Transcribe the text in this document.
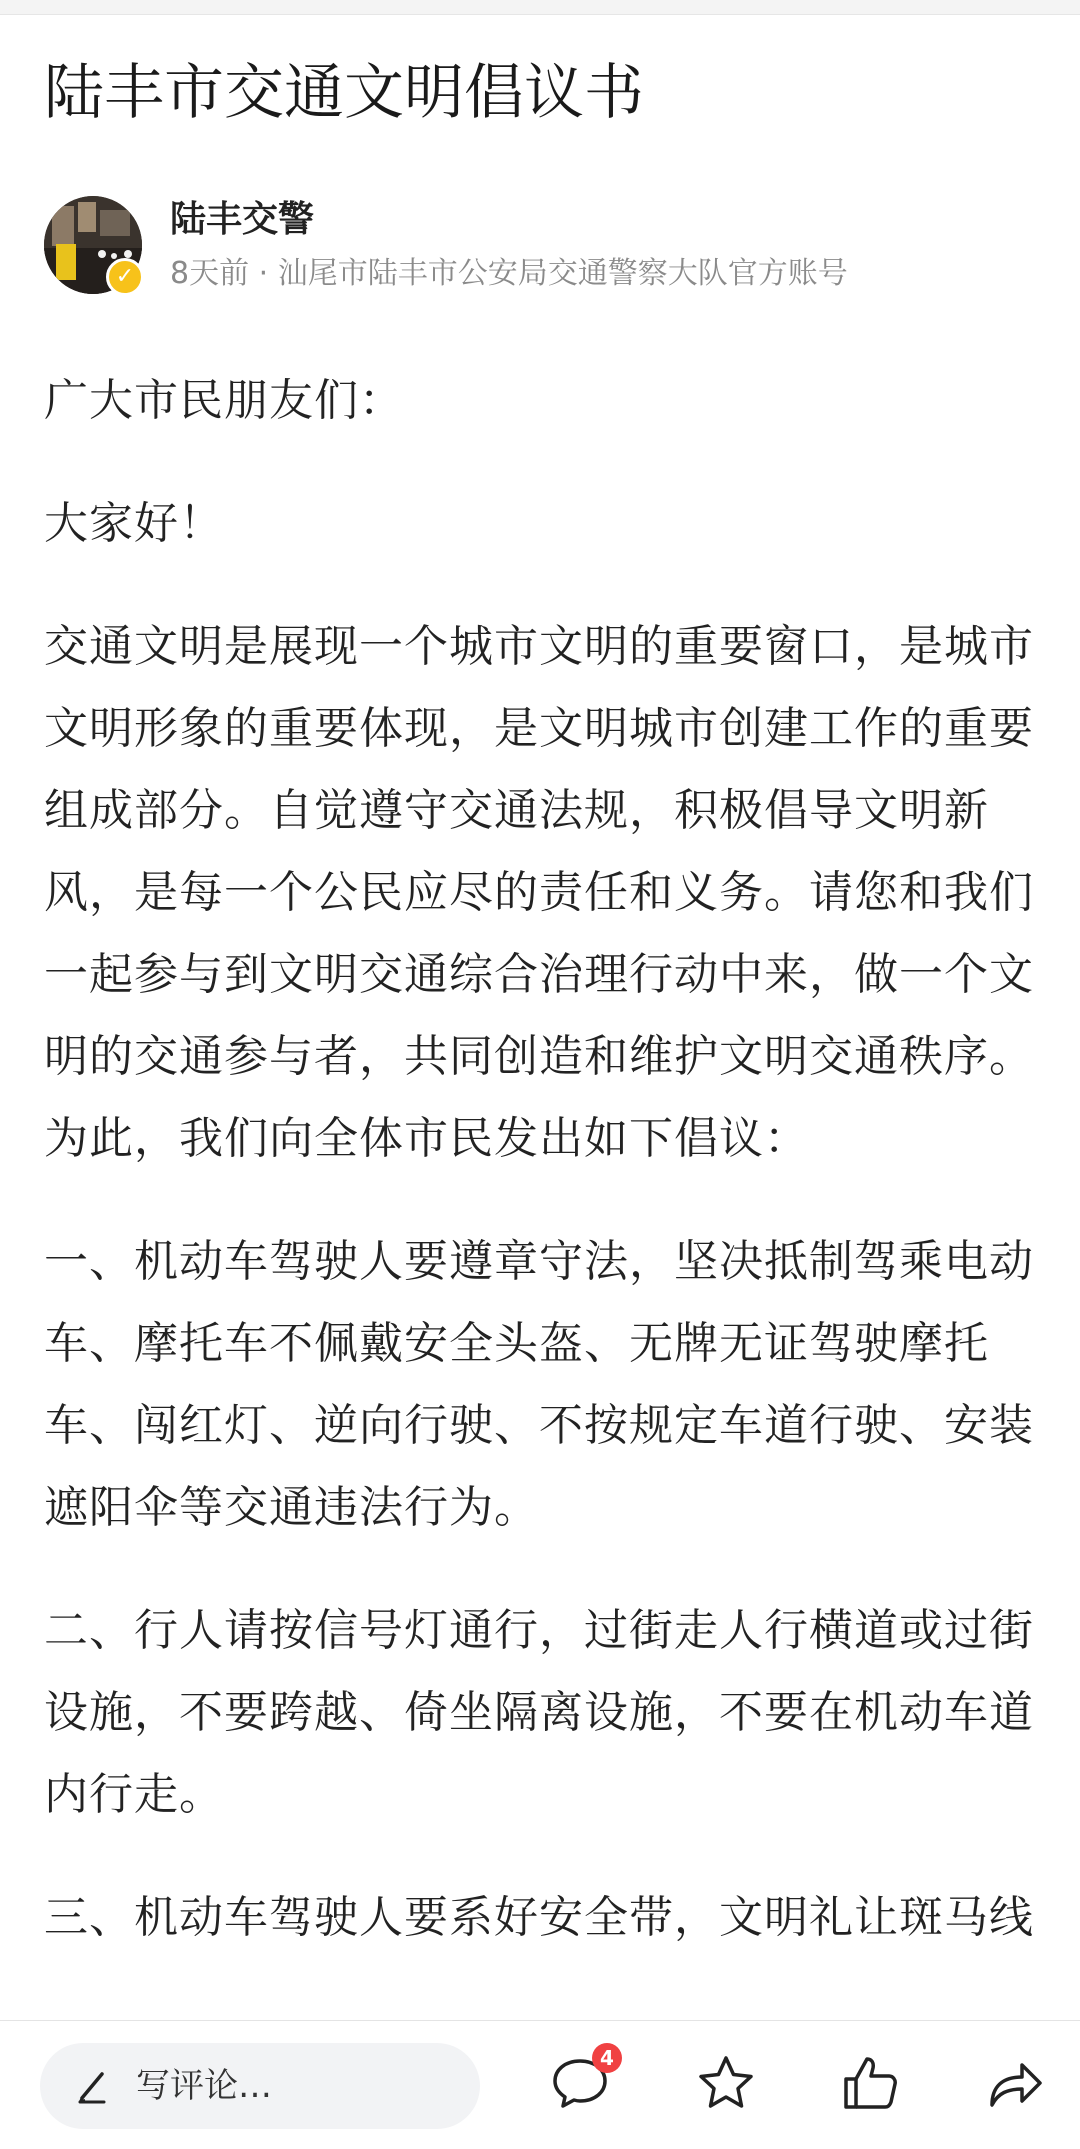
陆丰市交通文明倡议书
✓
陆丰交警
8天前 · 汕尾市陆丰市公安局交通警察大队官方账号

广大市民朋友们：

大家好！

交通文明是展现一个城市文明的重要窗口，是城市文明形象的重要体现，是文明城市创建工作的重要组成部分。自觉遵守交通法规，积极倡导文明新风，是每一个公民应尽的责任和义务。请您和我们一起参与到文明交通综合治理行动中来，做一个文明的交通参与者，共同创造和维护文明交通秩序。为此，我们向全体市民发出如下倡议：

一、机动车驾驶人要遵章守法，坚决抵制驾乘电动车、摩托车不佩戴安全头盔、无牌无证驾驶摩托车、闯红灯、逆向行驶、不按规定车道行驶、安装遮阳伞等交通违法行为。

二、行人请按信号灯通行，过街走人行横道或过街设施，不要跨越、倚坐隔离设施，不要在机动车道内行走。

三、机动车驾驶人要系好安全带，文明礼让斑马线

写评论…
4
